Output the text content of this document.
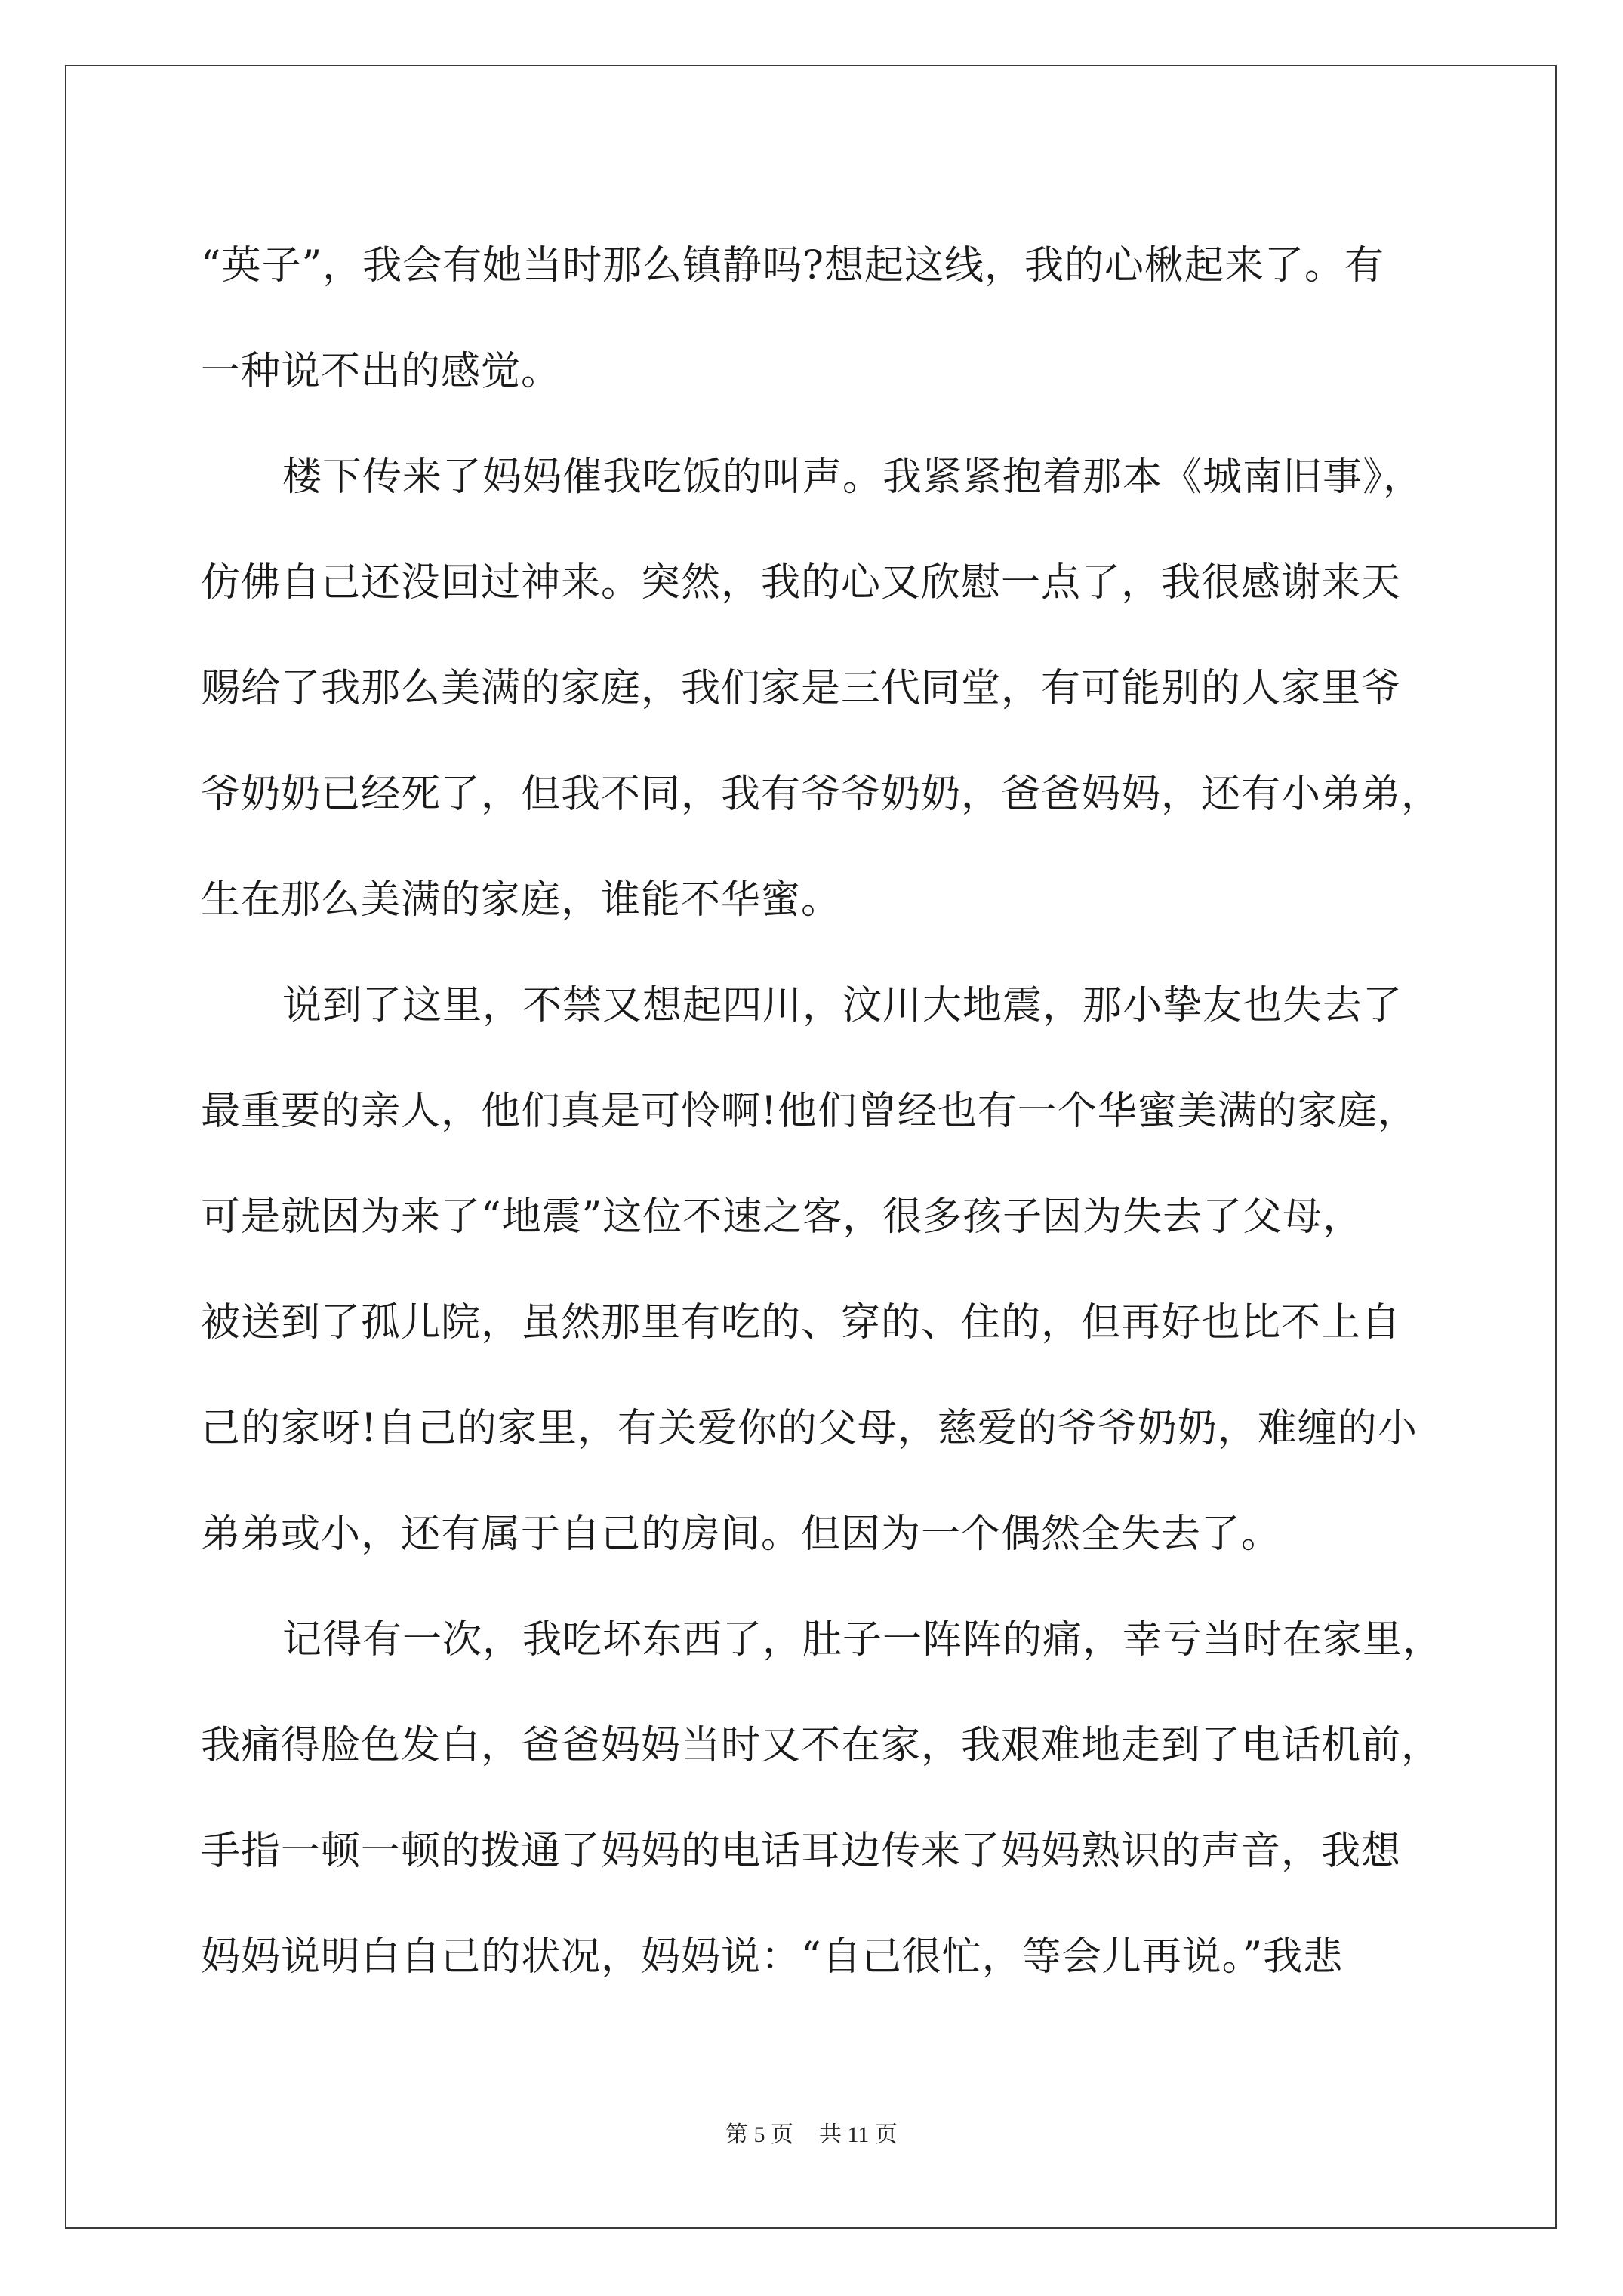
“英子”，我会有她当时那么镇静吗?想起这线，我的心楸起来了。有
一种说不出的感觉。
楼下传来了妈妈催我吃饭的叫声。我紧紧抱着那本《城南旧事》，
仿佛自己还没回过神来。突然，我的心又欣慰一点了，我很感谢来天
赐给了我那么美满的家庭，我们家是三代同堂，有可能别的人家里爷
爷奶奶已经死了，但我不同，我有爷爷奶奶，爸爸妈妈，还有小弟弟，
生在那么美满的家庭，谁能不华蜜。
说到了这里，不禁又想起四川，汶川大地震，那小挚友也失去了
最重要的亲人，他们真是可怜啊!他们曾经也有一个华蜜美满的家庭，
可是就因为来了“地震”这位不速之客，很多孩子因为失去了父母，
被送到了孤儿院，虽然那里有吃的、穿的、住的，但再好也比不上自
己的家呀!自己的家里，有关爱你的父母，慈爱的爷爷奶奶，难缠的小
弟弟或小，还有属于自己的房间。但因为一个偶然全失去了。
记得有一次，我吃坏东西了，肚子一阵阵的痛，幸亏当时在家里，
我痛得脸色发白，爸爸妈妈当时又不在家，我艰难地走到了电话机前，
手指一顿一顿的拨通了妈妈的电话耳边传来了妈妈熟识的声音，我想
妈妈说明白自己的状况，妈妈说：“自己很忙，等会儿再说。”我悲
第 5 页 共 11 页
